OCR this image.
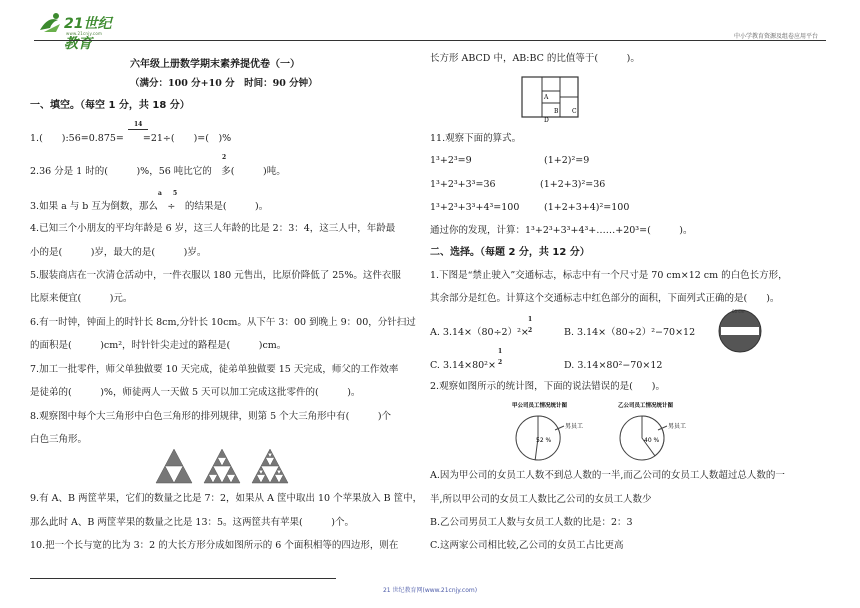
21世纪教育
www.21cnjy.com	中小学教育资源及组卷应用平台
六年级上册数学期末素养提优卷（一）
（满分：100 分+10 分　时间：90 分钟）
一、填空。（每空 1 分，共 18 分）
14
1.(　　):56=0.875=　　=21÷(　　)=(　)%
2
2.36 分是 1 时的(　　　)%，56 吨比它的　多(　　　)吨。
a 5
3.如果 a 与 b 互为倒数，那么　÷　的结果是(　　　)。
4.已知三个小朋友的平均年龄是 6 岁，这三人年龄的比是 2：3：4，这三人中，年龄最
小的是(　　　)岁，最大的是(　　　)岁。
5.服装商店在一次清仓活动中，一件衣服以 180 元售出，比原价降低了 25%。这件衣服
比原来便宜(　　　)元。
6.有一时钟，钟面上的时针长 8cm,分针长 10cm。从下午 3：00 到晚上 9：00，分针扫过
的面积是(　　　)cm²，时针针尖走过的路程是(　　　)cm。
7.加工一批零件，师父单独做要 10 天完成，徒弟单独做要 15 天完成，师父的工作效率
是徒弟的(　　　)%，师徒两人一天做 5 天可以加工完成这批零件的(　　　)。
8.观察图中每个大三角形中白色三角形的排列规律，则第 5 个大三角形中有(　　　)个
白色三角形。
9.有 A、B 两筐苹果，它们的数量之比是 7：2，如果从 A 筐中取出 10 个苹果放入 B 筐中，
那么此时 A、B 两筐苹果的数量之比是 13：5。这两筐共有苹果(　　　)个。
10.把一个长与宽的比为 3：2 的大长方形分成如图所示的 6 个面积相等的四边形，则在
长方形 ABCD 中，AB:BC 的比值等于(　　　)。
A
B C
D
11.观察下面的算式。
1³+2³=9	(1+2)²=9
1³+2³+3³=36	(1+2+3)²=36
1³+2³+3³+4³=100	(1+2+3+4)²=100
通过你的发现，计算：1³+2³+3³+4³+……+20³=(　　　)。
二、选择。（每题 2 分，共 12 分）
1.下图是“禁止驶入”交通标志，标志中有一个尺寸是 70 cm×12 cm 的白色长方形，
其余部分是红色。计算这个交通标志中红色部分的面积，下面列式正确的是(　　)。
A. 3.14×（80÷2）²×
1
2	B. 3.14×（80÷2）²−70×12
80 cm
C. 3.14×80²×
1
2	D. 3.14×80²−70×12
2.观察如图所示的统计图，下面的说法错误的是(　　)。
甲公司员工情况统计图
52 %
男员工
乙公司员工情况统计图
40 %
男员工
A.因为甲公司的女员工人数不到总人数的一半,而乙公司的女员工人数超过总人数的一
半,所以甲公司的女员工人数比乙公司的女员工人数少
B.乙公司男员工人数与女员工人数的比是：2：3
C.这两家公司相比较,乙公司的女员工占比更高
21 世纪教育网(www.21cnjy.com)
